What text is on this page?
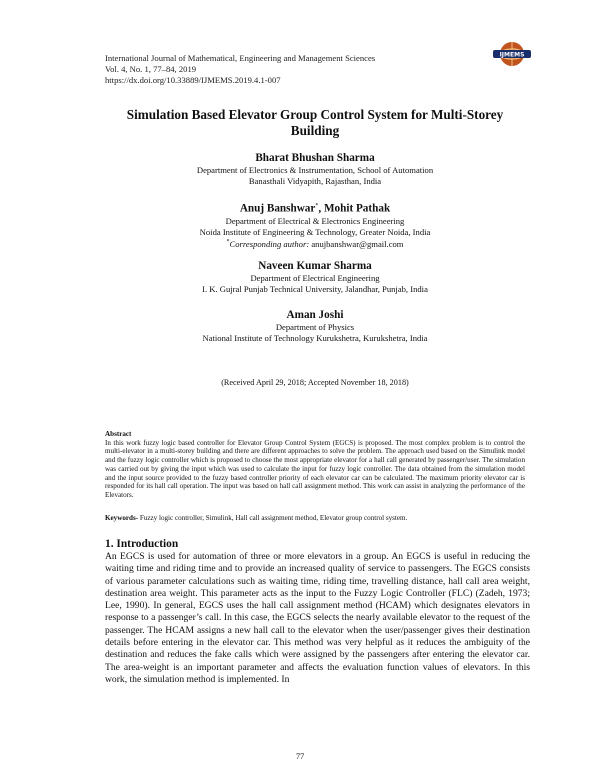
International Journal of Mathematical, Engineering and Management Sciences
Vol. 4, No. 1, 77–84, 2019
https://dx.doi.org/10.33889/IJMEMS.2019.4.1-007
IJMEMS
Simulation Based Elevator Group Control System for Multi-Storey Building
Bharat Bhushan Sharma
Department of Electronics & Instrumentation, School of Automation
Banasthali Vidyapith, Rajasthan, India
Anuj Banshwar*, Mohit Pathak
Department of Electrical & Electronics Engineering
Noida Institute of Engineering & Technology, Greater Noida, India
*Corresponding author: anujbanshwar@gmail.com
Naveen Kumar Sharma
Department of Electrical Engineering
I. K. Gujral Punjab Technical University, Jalandhar, Punjab, India
Aman Joshi
Department of Physics
National Institute of Technology Kurukshetra, Kurukshetra, India
(Received April 29, 2018; Accepted November 18, 2018)
Abstract
In this work fuzzy logic based controller for Elevator Group Control System (EGCS) is proposed. The most complex problem is to control the multi-elevator in a multi-storey building and there are different approaches to solve the problem. The approach used based on the Simulink model and the fuzzy logic controller which is proposed to choose the most appropriate elevator for a hall call generated by passenger/user. The simulation was carried out by giving the input which was used to calculate the input for fuzzy logic controller. The data obtained from the simulation model and the input source provided to the fuzzy based controller priority of each elevator car can be calculated. The maximum priority elevator car is responded for its hall call operation. The input was based on hall call assignment method. This work can assist in analyzing the performance of the Elevators.
Keywords- Fuzzy logic controller, Simulink, Hall call assignment method, Elevator group control system.
1. Introduction
An EGCS is used for automation of three or more elevators in a group. An EGCS is useful in reducing the waiting time and riding time and to provide an increased quality of service to passengers. The EGCS consists of various parameter calculations such as waiting time, riding time, travelling distance, hall call area weight, destination area weight. This parameter acts as the input to the Fuzzy Logic Controller (FLC) (Zadeh, 1973; Lee, 1990). In general, EGCS uses the hall call assignment method (HCAM) which designates elevators in response to a passenger’s call. In this case, the EGCS selects the nearly available elevator to the request of the passenger. The HCAM assigns a new hall call to the elevator when the user/passenger gives their destination details before entering in the elevator car. This method was very helpful as it reduces the ambiguity of the destination and reduces the fake calls which were assigned by the passengers after entering the elevator car. The area-weight is an important parameter and affects the evaluation function values of elevators. In this work, the simulation method is implemented. In
77
